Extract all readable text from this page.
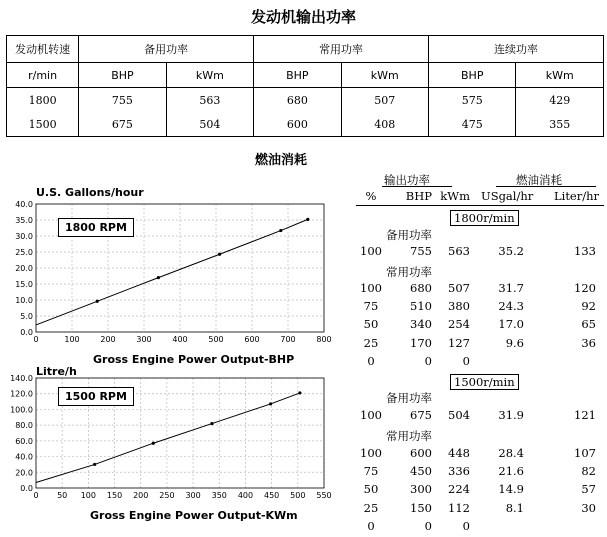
发动机输出功率
发动机转速	备用功率		常用功率		连续功率	
r/min	BHP	kWm	BHP	kWm	BHP	kWm
1800	755	563	680	507	575	429
1500	675	504	600	408	475	355
燃油消耗
U.S. Gallons/hour
0	100	200	300	400	500	600	700	800
0.0
5.0
10.0
15.0
20.0
25.0
30.0
35.0
40.0
1800 RPM
Gross Engine Power Output-BHP
Litre/h
0 50 100 150 200 250 300 350 400 450 500 550
0.0
20.0
40.0
60.0
80.0
100.0
120.0
140.0
1500 RPM
Gross Engine Power Output-KWm
输出功率	燃油消耗
%	BHP kWm USgal/hr	Liter/hr
1800r/min
备用功率
100	755	563	35.2	133
常用功率
100	680	507	31.7	120
75	510	380	24.3	92
50	340	254	17.0	65
25	170	127	9.6	36
0	0	0
1500r/min
备用功率
100	675	504	31.9	121
常用功率
100	600	448	28.4	107
75	450	336	21.6	82
50	300	224	14.9	57
25	150	112	8.1	30
0	0	0
